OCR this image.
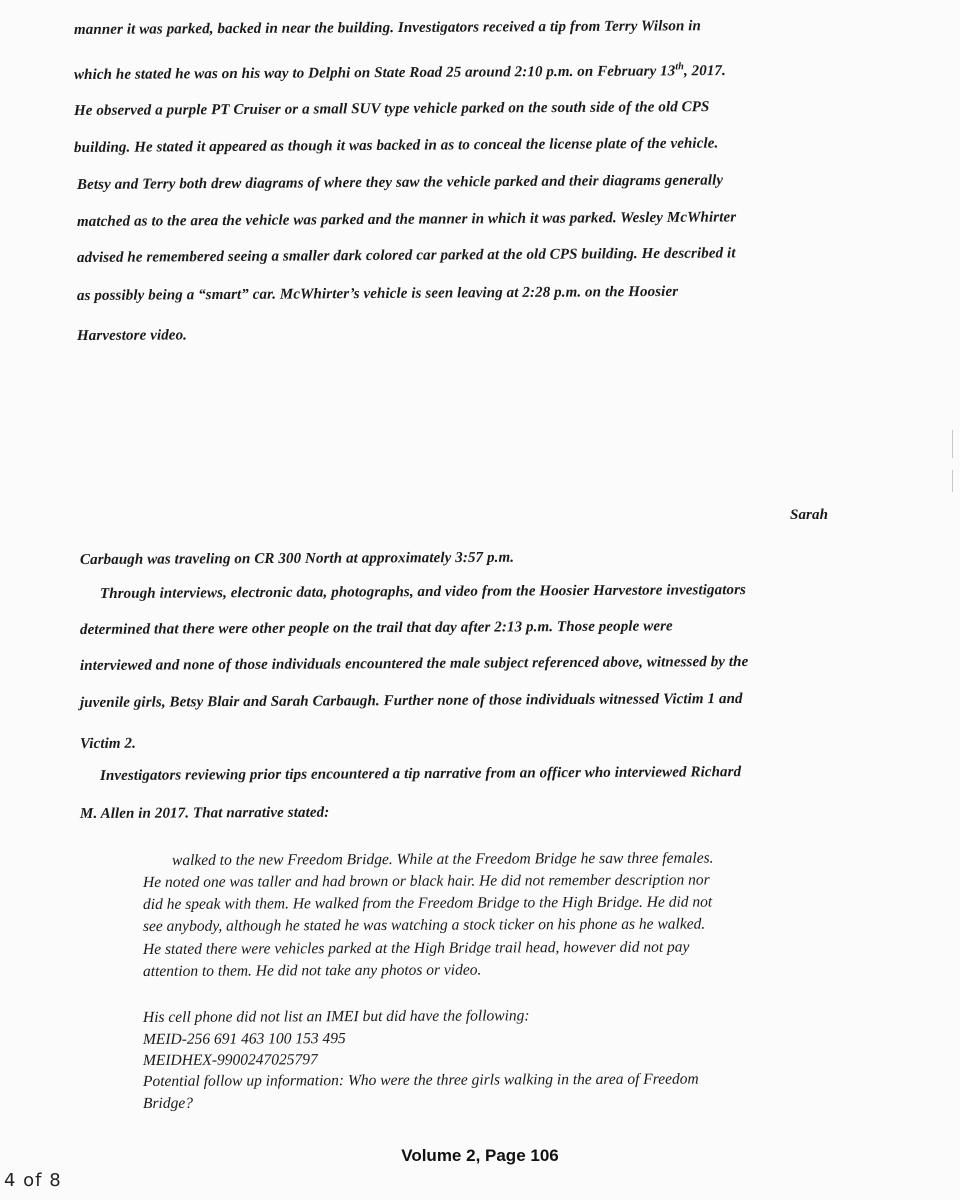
manner it was parked, backed in near the building. Investigators received a tip from Terry Wilson in
which he stated he was on his way to Delphi on State Road 25 around 2:10 p.m. on February 13th, 2017.
He observed a purple PT Cruiser or a small SUV type vehicle parked on the south side of the old CPS
building. He stated it appeared as though it was backed in as to conceal the license plate of the vehicle.
Betsy and Terry both drew diagrams of where they saw the vehicle parked and their diagrams generally
matched as to the area the vehicle was parked and the manner in which it was parked. Wesley McWhirter
advised he remembered seeing a smaller dark colored car parked at the old CPS building. He described it
as possibly being a “smart” car. McWhirter’s vehicle is seen leaving at 2:28 p.m. on the Hoosier
Harvestore video.
Sarah
Carbaugh was traveling on CR 300 North at approximately 3:57 p.m.
Through interviews, electronic data, photographs, and video from the Hoosier Harvestore investigators
determined that there were other people on the trail that day after 2:13 p.m. Those people were
interviewed and none of those individuals encountered the male subject referenced above, witnessed by the
juvenile girls, Betsy Blair and Sarah Carbaugh. Further none of those individuals witnessed Victim 1 and
Victim 2.
Investigators reviewing prior tips encountered a tip narrative from an officer who interviewed Richard
M. Allen in 2017. That narrative stated:
walked to the new Freedom Bridge. While at the Freedom Bridge he saw three females.
He noted one was taller and had brown or black hair. He did not remember description nor
did he speak with them. He walked from the Freedom Bridge to the High Bridge. He did not
see anybody, although he stated he was watching a stock ticker on his phone as he walked.
He stated there were vehicles parked at the High Bridge trail head, however did not pay
attention to them. He did not take any photos or video.
His cell phone did not list an IMEI but did have the following:
MEID-256 691 463 100 153 495
MEIDHEX-9900247025797
Potential follow up information: Who were the three girls walking in the area of Freedom
Bridge?
Volume 2, Page 106
4 of 8
